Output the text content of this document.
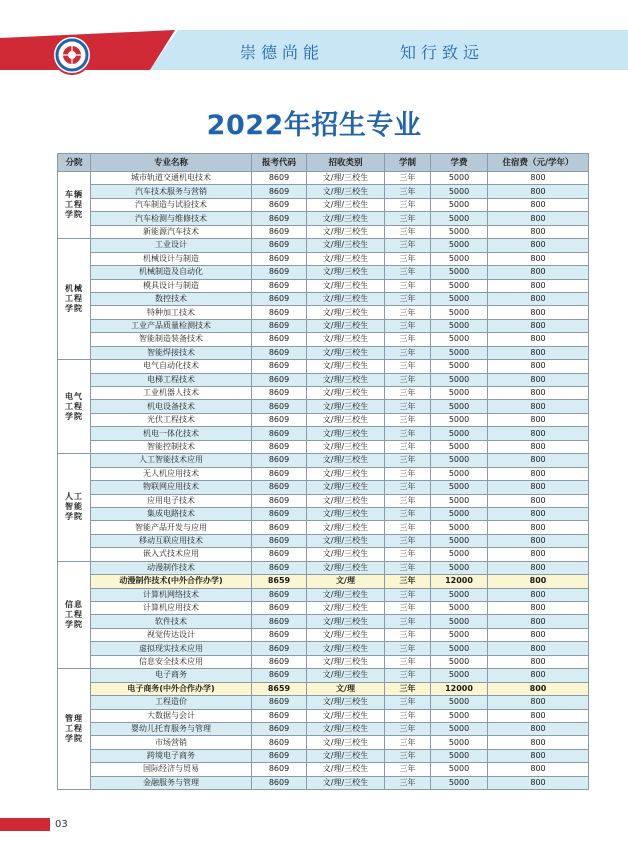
崇德尚能	知行致远
2022年招生专业
分院	专业名称	报考代码	招收类别	学制	学费	住宿费（元/学年）
车辆
工程
学院	城市轨道交通机电技术	8609	文/理/三校生	三年	5000	800
	汽车技术服务与营销	8609	文/理/三校生	三年	5000	800
	汽车制造与试验技术	8609	文/理/三校生	三年	5000	800
	汽车检测与维修技术	8609	文/理/三校生	三年	5000	800
	新能源汽车技术	8609	文/理/三校生	三年	5000	800
机械
工程
学院	工业设计	8609	文/理/三校生	三年	5000	800
	机械设计与制造	8609	文/理/三校生	三年	5000	800
	机械制造及自动化	8609	文/理/三校生	三年	5000	800
	模具设计与制造	8609	文/理/三校生	三年	5000	800
	数控技术	8609	文/理/三校生	三年	5000	800
	特种加工技术	8609	文/理/三校生	三年	5000	800
	工业产品质量检测技术	8609	文/理/三校生	三年	5000	800
	智能制造装备技术	8609	文/理/三校生	三年	5000	800
	智能焊接技术	8609	文/理/三校生	三年	5000	800
电气
工程
学院	电气自动化技术	8609	文/理/三校生	三年	5000	800
	电梯工程技术	8609	文/理/三校生	三年	5000	800
	工业机器人技术	8609	文/理/三校生	三年	5000	800
	机电设备技术	8609	文/理/三校生	三年	5000	800
	光伏工程技术	8609	文/理/三校生	三年	5000	800
	机电一体化技术	8609	文/理/三校生	三年	5000	800
	智能控制技术	8609	文/理/三校生	三年	5000	800
人工
智能
学院	人工智能技术应用	8609	文/理/三校生	三年	5000	800
	无人机应用技术	8609	文/理/三校生	三年	5000	800
	物联网应用技术	8609	文/理/三校生	三年	5000	800
	应用电子技术	8609	文/理/三校生	三年	5000	800
	集成电路技术	8609	文/理/三校生	三年	5000	800
	智能产品开发与应用	8609	文/理/三校生	三年	5000	800
	移动互联应用技术	8609	文/理/三校生	三年	5000	800
	嵌入式技术应用	8609	文/理/三校生	三年	5000	800
信息
工程
学院	动漫制作技术	8609	文/理/三校生	三年	5000	800
	动漫制作技术(中外合作办学)	8659	文/理	三年	12000	800
	计算机网络技术	8609	文/理/三校生	三年	5000	800
	计算机应用技术	8609	文/理/三校生	三年	5000	800
	软件技术	8609	文/理/三校生	三年	5000	800
	视觉传达设计	8609	文/理/三校生	三年	5000	800
	虚拟现实技术应用	8609	文/理/三校生	三年	5000	800
	信息安全技术应用	8609	文/理/三校生	三年	5000	800
管理
工程
学院	电子商务	8609	文/理/三校生	三年	5000	800
	电子商务(中外合作办学)	8659	文/理	三年	12000	800
	工程造价	8609	文/理/三校生	三年	5000	800
	大数据与会计	8609	文/理/三校生	三年	5000	800
	婴幼儿托育服务与管理	8609	文/理/三校生	三年	5000	800
	市场营销	8609	文/理/三校生	三年	5000	800
	跨境电子商务	8609	文/理/三校生	三年	5000	800
	国际经济与贸易	8609	文/理/三校生	三年	5000	800
	金融服务与管理	8609	文/理/三校生	三年	5000	800
03
